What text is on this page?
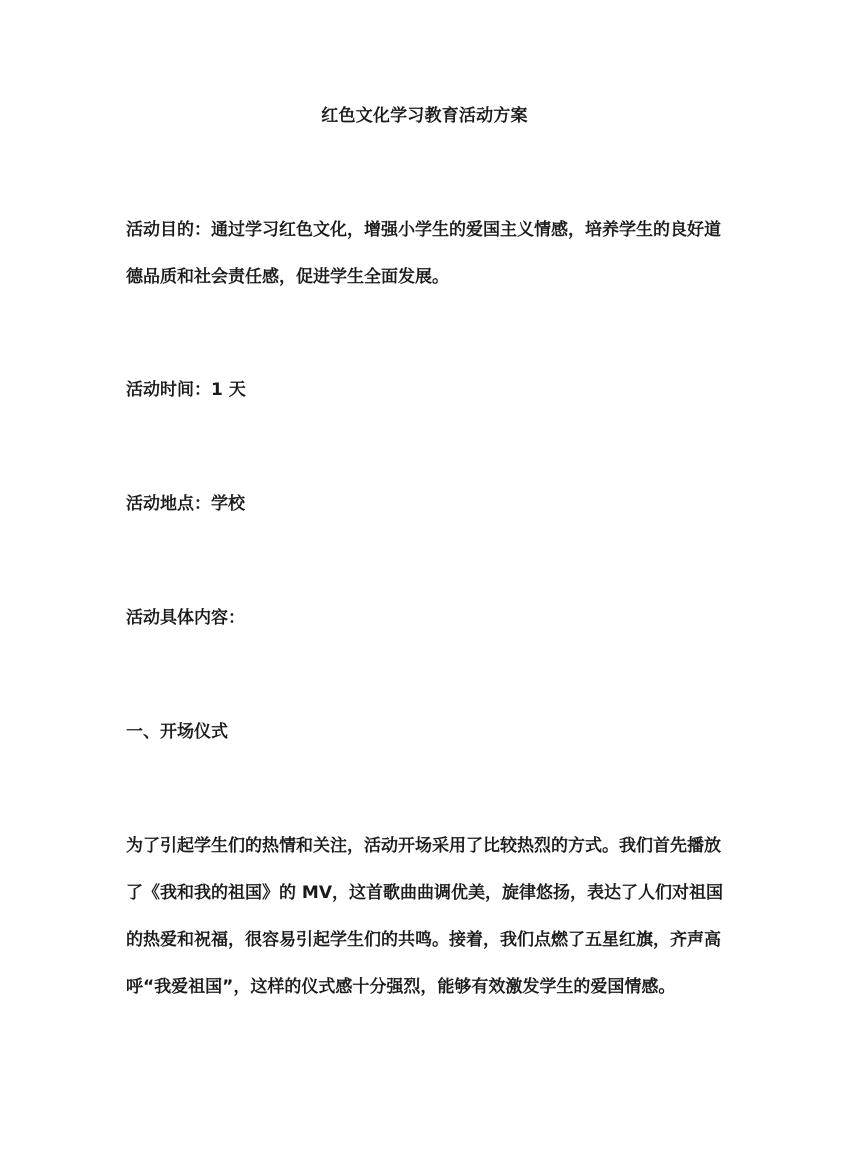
红色文化学习教育活动方案
活动目的：通过学习红色文化，增强小学生的爱国主义情感，培养学生的良好道
德品质和社会责任感，促进学生全面发展。
活动时间：1 天
活动地点：学校
活动具体内容：
一、开场仪式
为了引起学生们的热情和关注，活动开场采用了比较热烈的方式。我们首先播放
了《我和我的祖国》的 MV，这首歌曲曲调优美，旋律悠扬，表达了人们对祖国
的热爱和祝福，很容易引起学生们的共鸣。接着，我们点燃了五星红旗，齐声高
呼“我爱祖国”，这样的仪式感十分强烈，能够有效激发学生的爱国情感。
